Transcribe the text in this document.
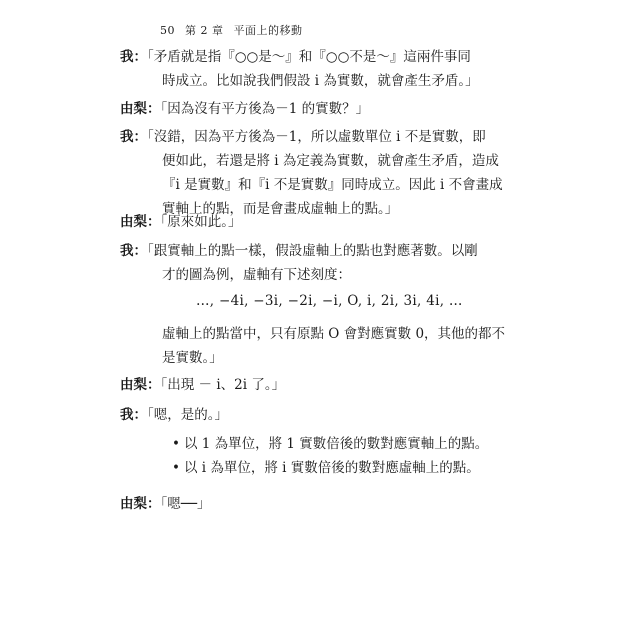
50 第 2 章 平面上的移動
我：「矛盾就是指『○○是～』和『○○不是～』這兩件事同
時成立。比如說我們假設 i 為實數，就會產生矛盾。」
由梨：「因為沒有平方後為－1 的實數？」
我：「沒錯，因為平方後為－1，所以虛數單位 i 不是實數，即
便如此，若還是將 i 為定義為實數，就會產生矛盾，造成
『i 是實數』和『i 不是實數』同時成立。因此 i 不會畫成
實軸上的點，而是會畫成虛軸上的點。」
由梨：「原來如此。」
我：「跟實軸上的點一樣，假設虛軸上的點也對應著數。以剛
才的圖為例，虛軸有下述刻度：
…, −4i, −3i, −2i, −i, O, i, 2i, 3i, 4i, …
虛軸上的點當中，只有原點 O 會對應實數 0，其他的都不
是實數。」
由梨：「出現 － i、2i 了。」
我：「嗯，是的。」
• 以 1 為單位，將 1 實數倍後的數對應實軸上的點。
• 以 i 為單位，將 i 實數倍後的數對應虛軸上的點。
由梨：「嗯──」
